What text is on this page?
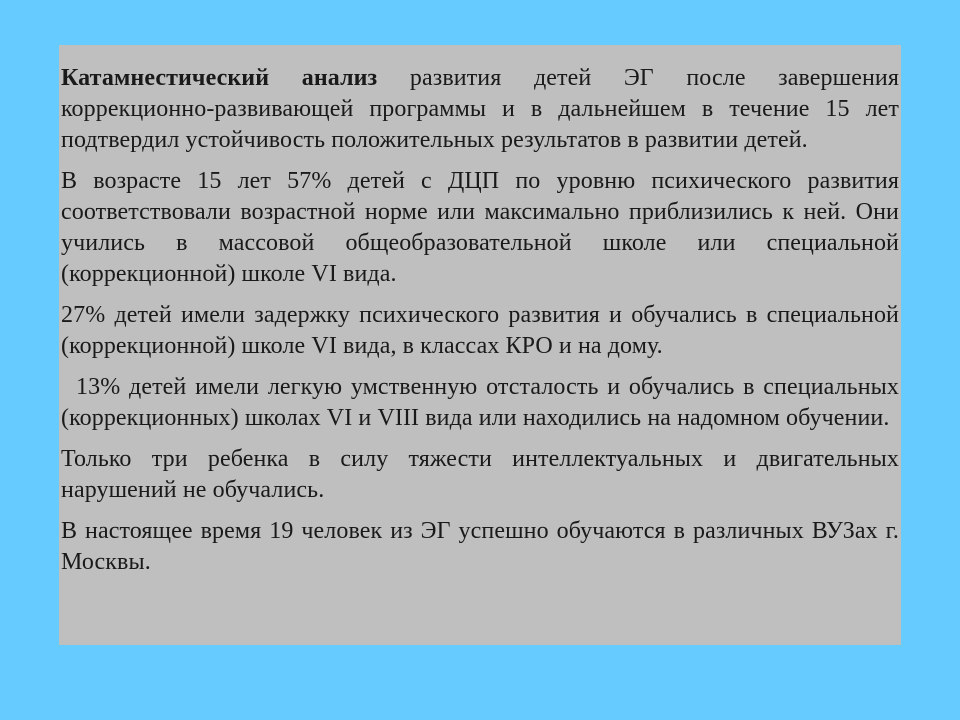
Катамнестический анализ развития детей ЭГ после завершения коррекционно-развивающей программы и в дальнейшем в течение 15 лет подтвердил устойчивость положительных результатов в развитии детей.

В возрасте 15 лет 57% детей с ДЦП по уровню психического развития соответствовали возрастной норме или максимально приблизились к ней. Они учились в массовой общеобразовательной школе или специальной (коррекционной) школе VI вида.

27% детей имели задержку психического развития и обучались в специальной (коррекционной) школе VI вида, в классах КРО и на дому.

13% детей имели легкую умственную отсталость и обучались в специальных (коррекционных) школах VI и VIII вида или находились на надомном обучении.

Только три ребенка в силу тяжести интеллектуальных и двигательных нарушений не обучались.

В настоящее время 19 человек из ЭГ успешно обучаются в различных ВУЗах г. Москвы.
